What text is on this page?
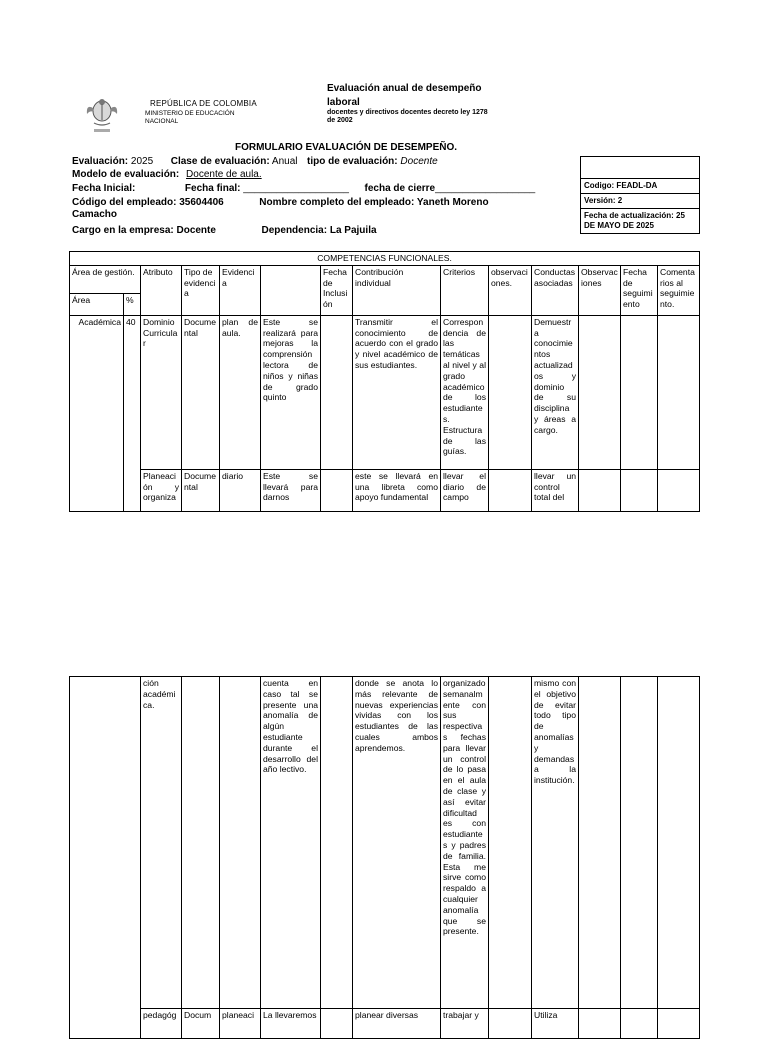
REPÚBLICA DE COLOMBIA
MINISTERIO DE EDUCACIÓN NACIONAL
Evaluación anual de desempeño laboral
docentes y directivos docentes decreto ley 1278 de 2002
FORMULARIO EVALUACIÓN DE DESEMPEÑO.
Evaluación: 2025 Clase de evaluación: Anual tipo de evaluación: Docente
Modelo de evaluación: Docente de aula.
Fecha Inicial:	Fecha final: ___________________ fecha de cierre__________________
Código del empleado: 35604406	Nombre completo del empleado: Yaneth Moreno
Camacho
Cargo en la empresa: Docente	Dependencia: La Pajuila
Codigo: FEADL-DA
Versión: 2
Fecha de actualización: 25 DE MAYO DE 2025
COMPETENCIAS FUNCIONALES.													
Área de gestión.		Atributo	Tipo de evidencia	Evidencia		Fecha de Inclusión	Contribución individual	Criterios	observaciones.	Conductas asociadas	Observaciones	Fecha de seguimiento	Comentarios al seguimiento.
Área	%												
Académica	40	Dominio Curricular	Documental	plan de aula.	Este se realizará para mejoras la comprensión lectora de niños y niñas de grado quinto		Transmitir el conocimiento de acuerdo con el grado y nivel académico de sus estudiantes.	Correspondencia de las temáticas al nivel y al grado académico de los estudiantes. Estructura de las guías.		Demuestra conocimientos actualizados y dominio de su disciplina y áreas a cargo.			
		Planeación y organiza	Documental	diario	Este se llevará para darnos		este se llevará en una libreta como apoyo fundamental	llevar el diario de campo		llevar un control total del			
	ción académica.			cuenta en caso tal se presente una anomalía de algún estudiante durante el desarrollo del año lectivo.		donde se anota lo más relevante de nuevas experiencias vividas con los estudiantes de las cuales ambos aprendemos.	organizado semanalmente con sus respectivas fechas para llevar un control de lo pasa en el aula de clase y así evitar dificultad es con estudiantes y padres de familia. Esta me sirve como respaldo a cualquier anomalía que se presente.		mismo con el objetivo de evitar todo tipo de anomalías y demandas a la institución.			
	pedagóg	Docum	planeaci	La llevaremos		planear diversas	trabajar y		Utiliza			
